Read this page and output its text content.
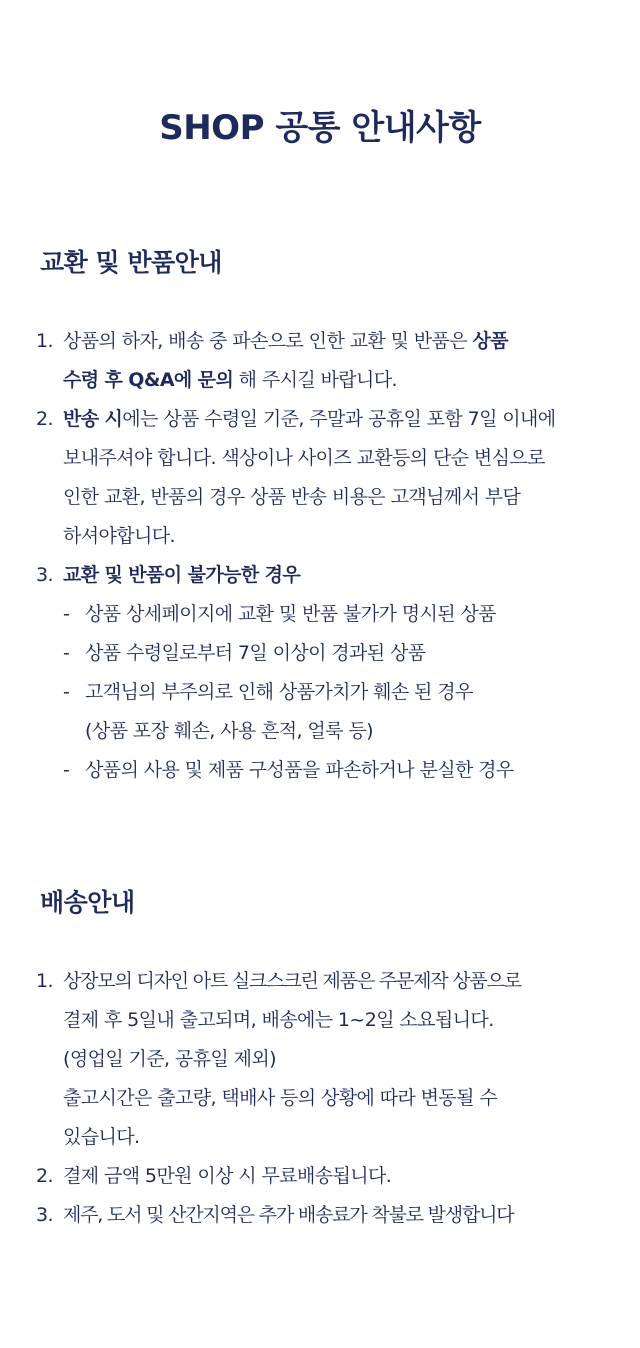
SHOP 공통 안내사항
교환 및 반품안내
1. 상품의 하자, 배송 중 파손으로 인한 교환 및 반품은 상품
수령 후 Q&A에 문의 해 주시길 바랍니다.
2. 반송 시에는 상품 수령일 기준, 주말과 공휴일 포함 7일 이내에
보내주셔야 합니다. 색상이나 사이즈 교환등의 단순 변심으로
인한 교환, 반품의 경우 상품 반송 비용은 고객님께서 부담
하셔야합니다.
3. 교환 및 반품이 불가능한 경우
- 상품 상세페이지에 교환 및 반품 불가가 명시된 상품
- 상품 수령일로부터 7일 이상이 경과된 상품
- 고객님의 부주의로 인해 상품가치가 훼손 된 경우
(상품 포장 훼손, 사용 흔적, 얼룩 등)
- 상품의 사용 및 제품 구성품을 파손하거나 분실한 경우
배송안내
1. 상장모의 디자인 아트 실크스크린 제품은 주문제작 상품으로
결제 후 5일내 출고되며, 배송에는 1~2일 소요됩니다.
(영업일 기준, 공휴일 제외)
출고시간은 출고량, 택배사 등의 상황에 따라 변동될 수
있습니다.
2. 결제 금액 5만원 이상 시 무료배송됩니다.
3. 제주, 도서 및 산간지역은 추가 배송료가 착불로 발생합니다
